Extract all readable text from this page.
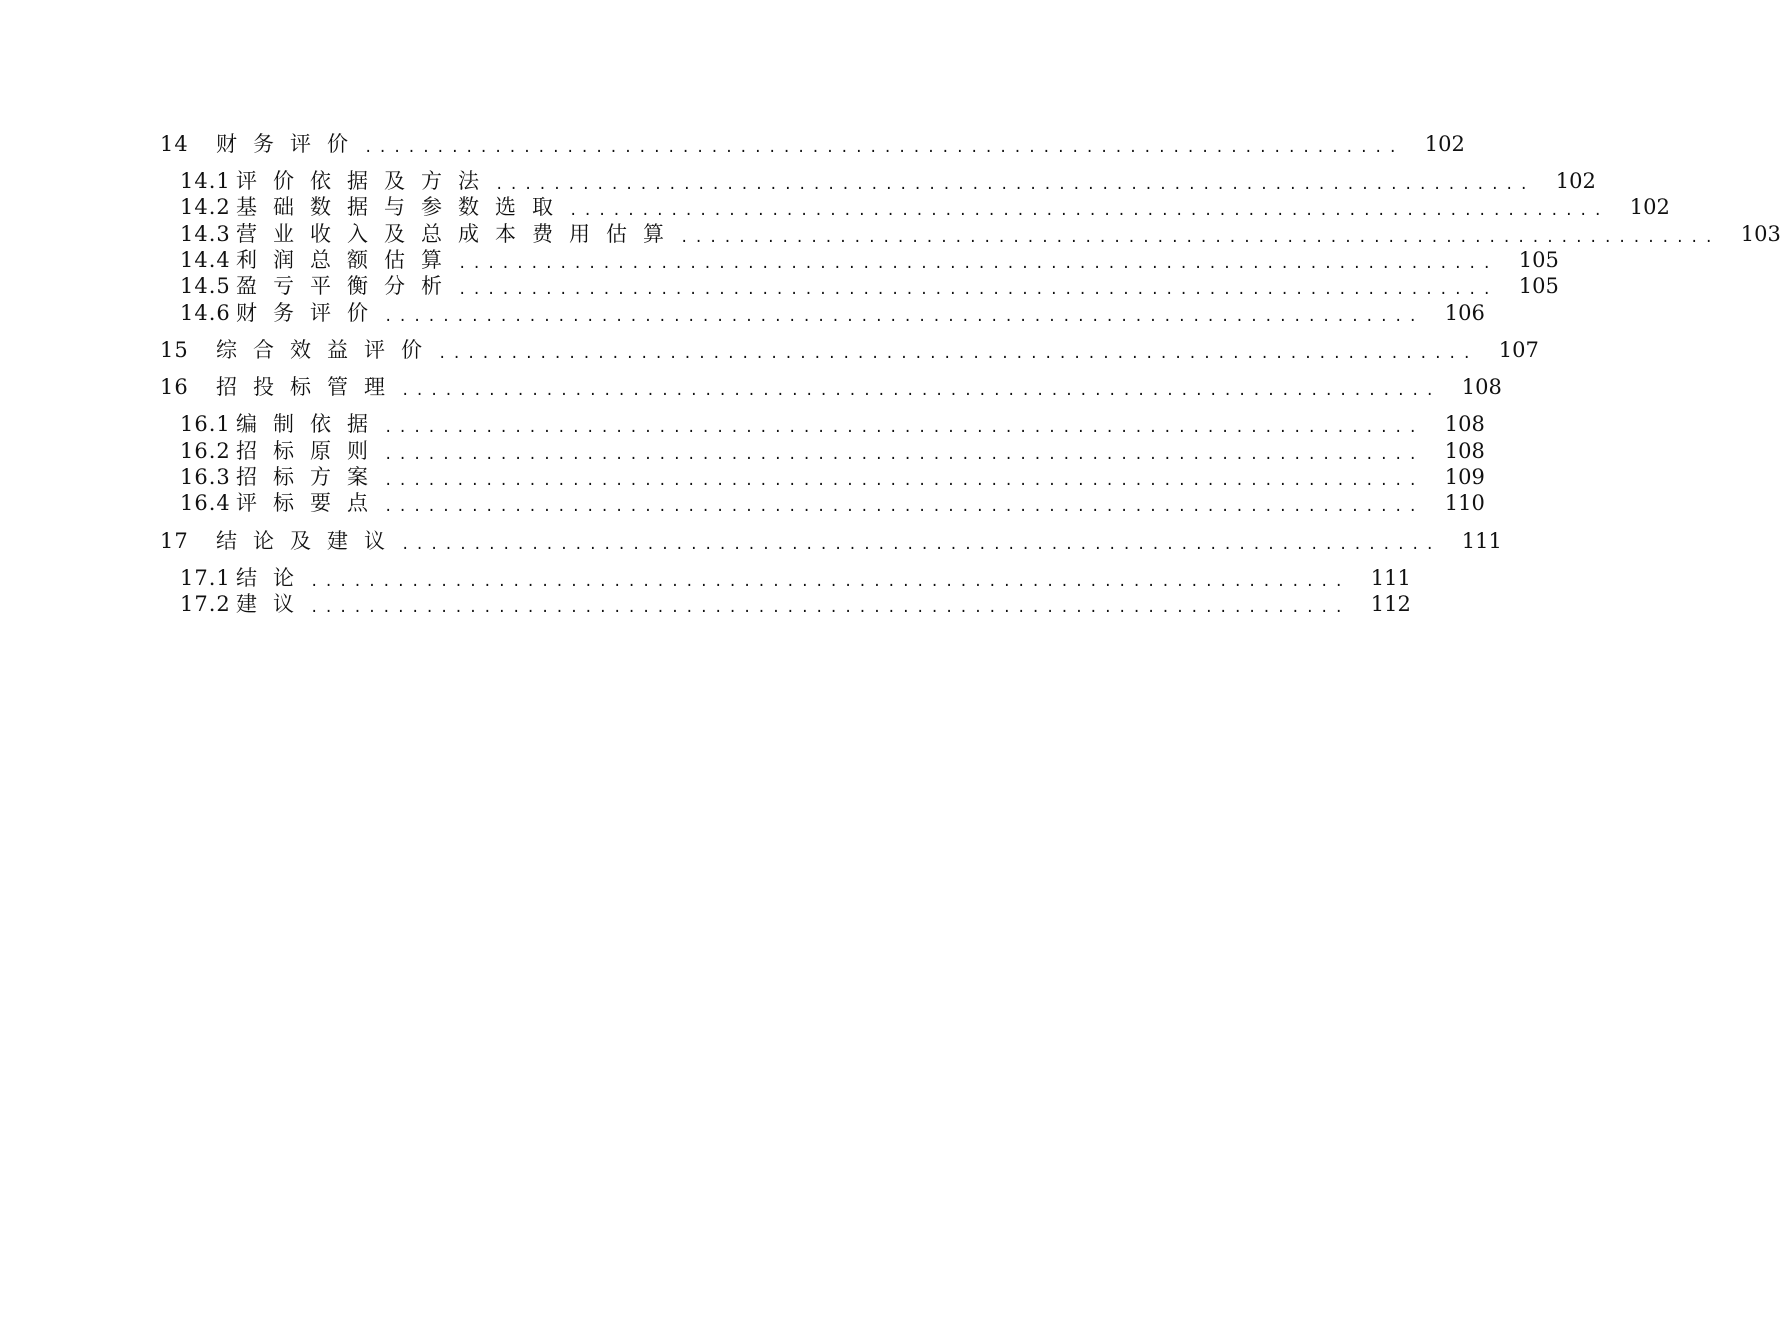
14	财务评价 ........................................................................	102
14.1 评价依据及方法 ........................................................................	102
14.2 基础数据与参数选取 ........................................................................	102
14.3 营业收入及总成本费用估算 ........................................................................	103
14.4 利润总额估算 ........................................................................	105
14.5 盈亏平衡分析 ........................................................................	105
14.6 财务评价 ........................................................................	106
15	综合效益评价 ........................................................................	107
16	招投标管理 ........................................................................	108
16.1 编制依据 ........................................................................	108
16.2 招标原则 ........................................................................	108
16.3 招标方案 ........................................................................	109
16.4 评标要点 ........................................................................	110
17	结论及建议 ........................................................................	111
17.1 结论 ........................................................................	111
17.2 建议 ........................................................................	112
